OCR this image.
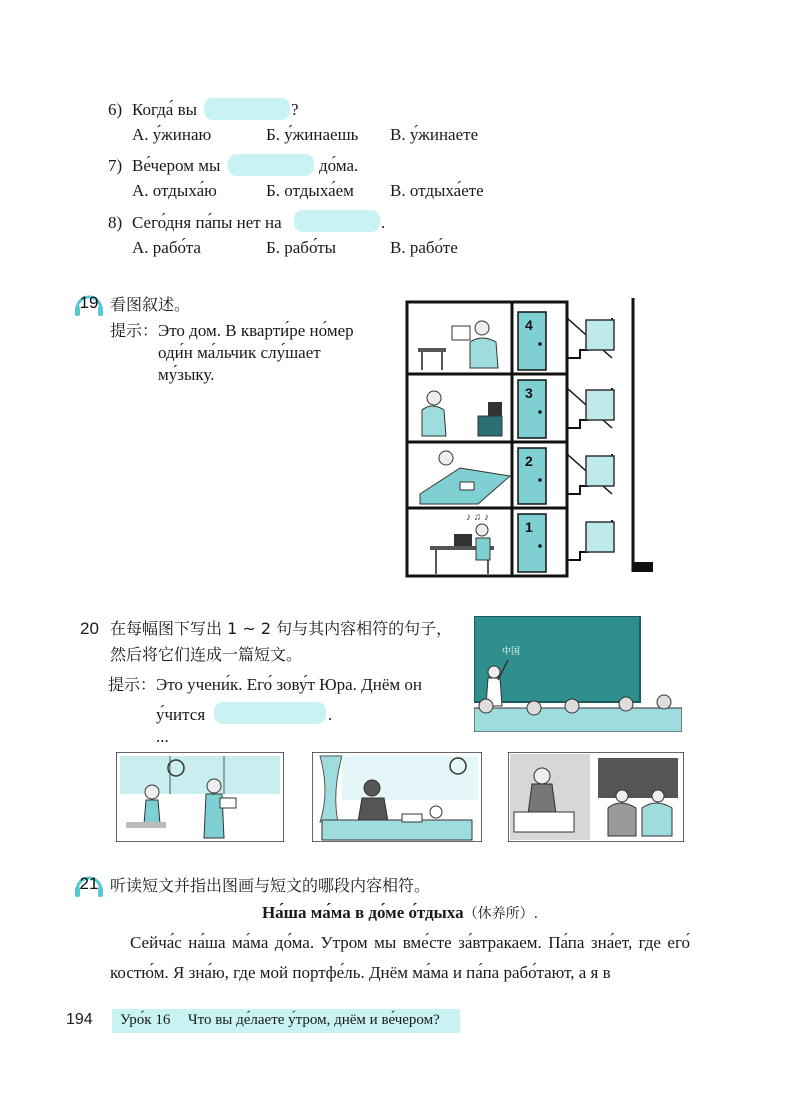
6) Когда́ вы	?
А. у́жинаю	Б. у́жинаешь В. у́жинаете
7) Ве́чером мы	до́ма.
А. отдыха́ю	Б. отдыха́ем В. отдыха́ете
8) Сего́дня па́пы нет на	.
А. рабо́та	Б. рабо́ты	В. рабо́те
19 看图叙述。
提示： Это дом. В кварти́ре но́мер
оди́н ма́льчик слу́шает
му́зыку.
4
3
2
1
♪ ♫ ♪
20 在每幅图下写出 1 ~ 2 句与其内容相符的句子，
然后将它们连成一篇短文。
提示： Это учени́к. Его́ зову́т Юра. Днём он
у́чится	.
...
中国
21 听读短文并指出图画与短文的哪段内容相符。
На́ша ма́ма в до́ме о́тдыха（休养所）.
Сейча́с на́ша ма́ма до́ма. Утром мы вме́сте за́втракаем. Па́па зна́ет, где его́ костю́м. Я зна́ю, где мой портфе́ль. Днём ма́ма и па́па рабо́тают, а я в
194 Уро́к 16 Что вы де́лаете у́тром, днём и ве́чером?
